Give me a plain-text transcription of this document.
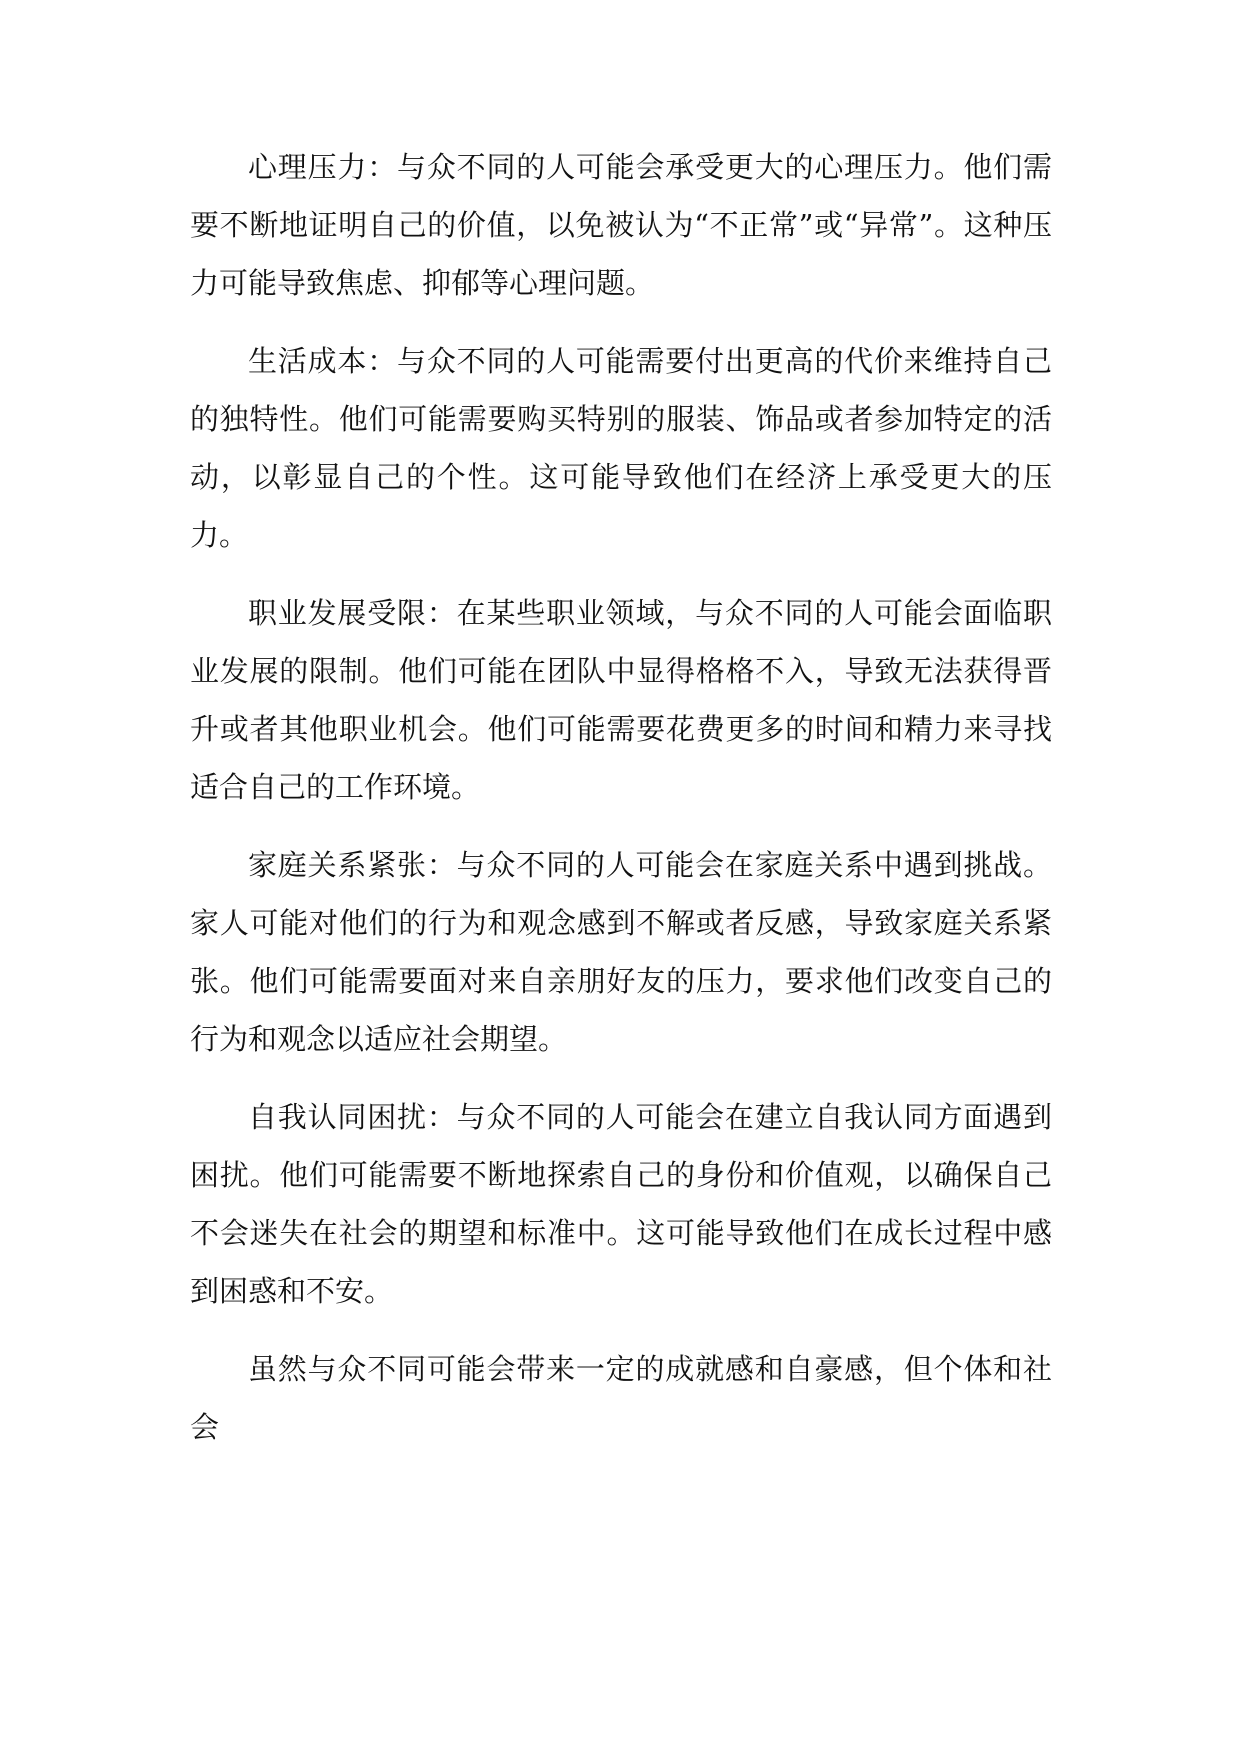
心理压力：与众不同的人可能会承受更大的心理压力。他们需要不断地证明自己的价值，以免被认为“不正常”或“异常”。这种压力可能导致焦虑、抑郁等心理问题。

生活成本：与众不同的人可能需要付出更高的代价来维持自己的独特性。他们可能需要购买特别的服装、饰品或者参加特定的活动，以彰显自己的个性。这可能导致他们在经济上承受更大的压力。

职业发展受限：在某些职业领域，与众不同的人可能会面临职业发展的限制。他们可能在团队中显得格格不入，导致无法获得晋升或者其他职业机会。他们可能需要花费更多的时间和精力来寻找适合自己的工作环境。

家庭关系紧张：与众不同的人可能会在家庭关系中遇到挑战。家人可能对他们的行为和观念感到不解或者反感，导致家庭关系紧张。他们可能需要面对来自亲朋好友的压力，要求他们改变自己的行为和观念以适应社会期望。

自我认同困扰：与众不同的人可能会在建立自我认同方面遇到困扰。他们可能需要不断地探索自己的身份和价值观，以确保自己不会迷失在社会的期望和标准中。这可能导致他们在成长过程中感到困惑和不安。

虽然与众不同可能会带来一定的成就感和自豪感，但个体和社会
